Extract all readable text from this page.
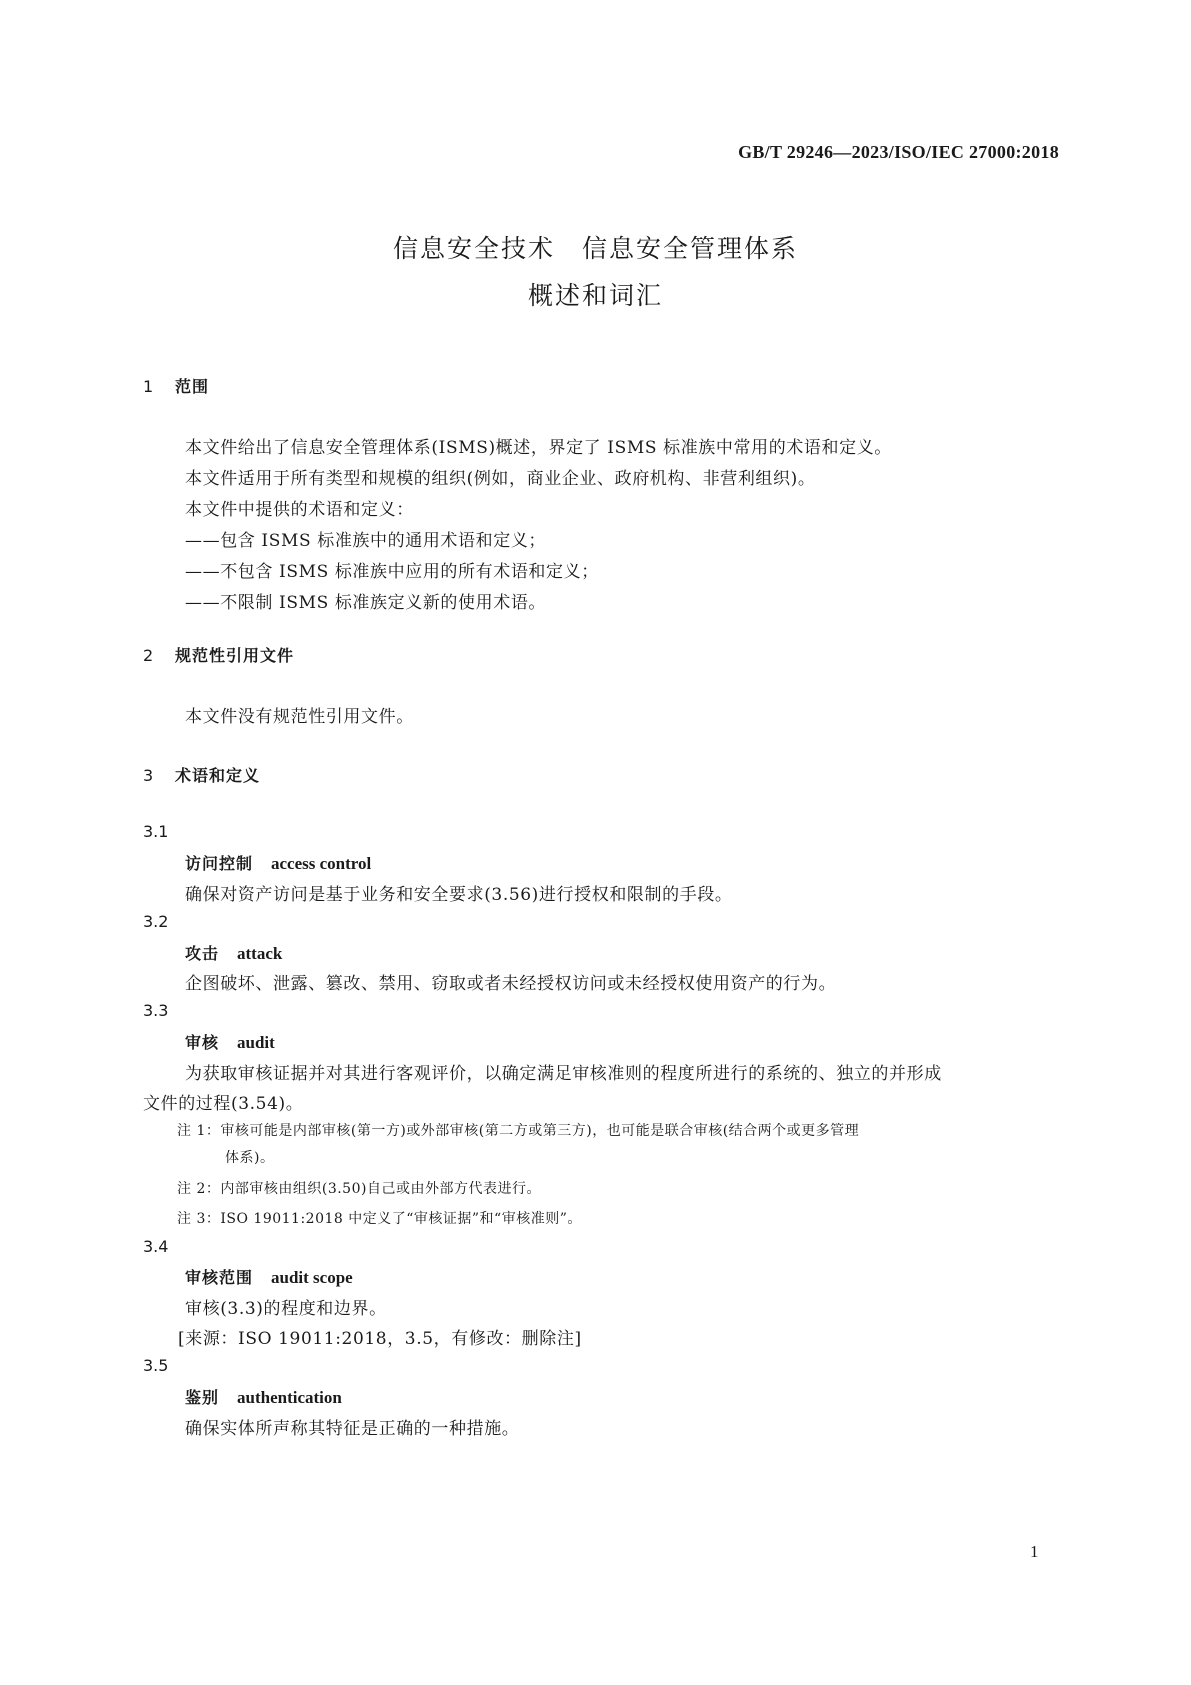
GB/T 29246—2023/ISO/IEC 27000:2018
信息安全技术　信息安全管理体系
概述和词汇
1 范围
本文件给出了信息安全管理体系(ISMS)概述，界定了 ISMS 标准族中常用的术语和定义。
本文件适用于所有类型和规模的组织(例如，商业企业、政府机构、非营利组织)。
本文件中提供的术语和定义：
——包含 ISMS 标准族中的通用术语和定义；
——不包含 ISMS 标准族中应用的所有术语和定义；
——不限制 ISMS 标准族定义新的使用术语。
2 规范性引用文件
本文件没有规范性引用文件。
3 术语和定义
3.1
访问控制 access control
确保对资产访问是基于业务和安全要求(3.56)进行授权和限制的手段。
3.2
攻击 attack
企图破坏、泄露、篡改、禁用、窃取或者未经授权访问或未经授权使用资产的行为。
3.3
审核 audit
为获取审核证据并对其进行客观评价，以确定满足审核准则的程度所进行的系统的、独立的并形成
文件的过程(3.54)。
注 1：审核可能是内部审核(第一方)或外部审核(第二方或第三方)，也可能是联合审核(结合两个或更多管理
体系)。
注 2：内部审核由组织(3.50)自己或由外部方代表进行。
注 3：ISO 19011:2018 中定义了“审核证据”和“审核准则”。
3.4
审核范围 audit scope
审核(3.3)的程度和边界。
[来源：ISO 19011:2018，3.5，有修改：删除注]
3.5
鉴别 authentication
确保实体所声称其特征是正确的一种措施。
1
